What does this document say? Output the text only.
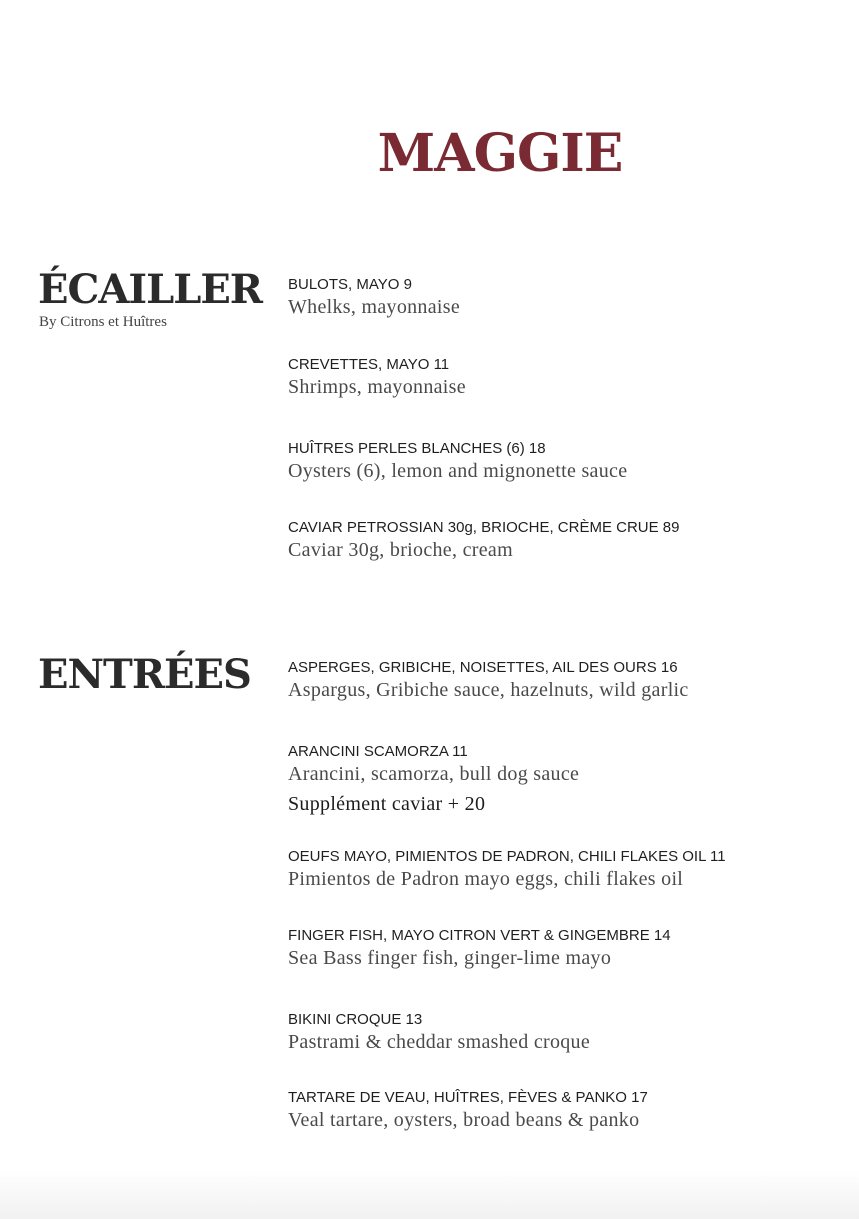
MAGGIE
ÉCAILLER
By Citrons et Huîtres
BULOTS, MAYO 9
Whelks, mayonnaise
CREVETTES, MAYO 11
Shrimps, mayonnaise
HUÎTRES PERLES BLANCHES (6) 18
Oysters (6), lemon and mignonette sauce
CAVIAR PETROSSIAN 30g, BRIOCHE, CRÈME CRUE 89
Caviar 30g, brioche, cream
ENTRÉES ASPERGES, GRIBICHE, NOISETTES, AIL DES OURS 16
Aspargus, Gribiche sauce, hazelnuts, wild garlic
ARANCINI SCAMORZA 11
Arancini, scamorza, bull dog sauce
Supplément caviar + 20
OEUFS MAYO, PIMIENTOS DE PADRON, CHILI FLAKES OIL 11
Pimientos de Padron mayo eggs, chili flakes oil
FINGER FISH, MAYO CITRON VERT & GINGEMBRE 14
Sea Bass finger fish, ginger-lime mayo
BIKINI CROQUE 13
Pastrami & cheddar smashed croque
TARTARE DE VEAU, HUÎTRES, FÈVES & PANKO 17
Veal tartare, oysters, broad beans & panko
